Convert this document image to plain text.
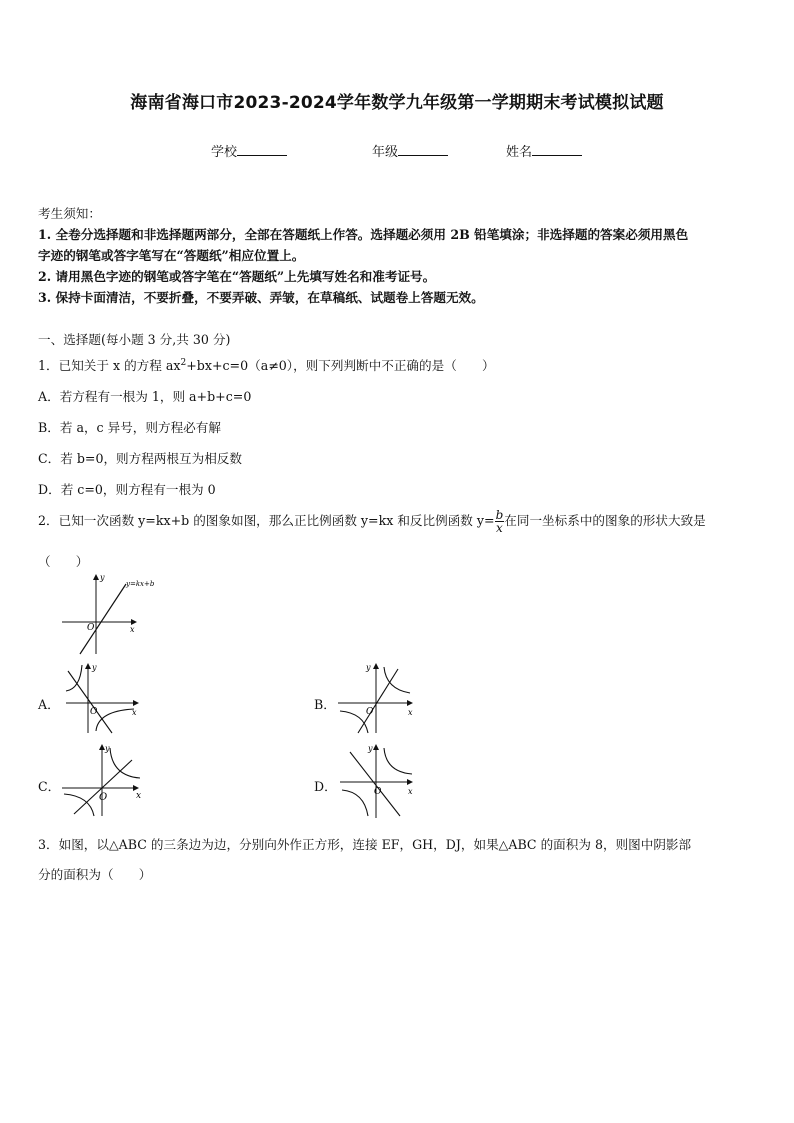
海南省海口市2023-2024学年数学九年级第一学期期末考试模拟试题
学校	年级	姓名
考生须知：
1. 全卷分选择题和非选择题两部分，全部在答题纸上作答。选择题必须用 2B 铅笔填涂；非选择题的答案必须用黑色
字迹的钢笔或答字笔写在“答题纸”相应位置上。
2. 请用黑色字迹的钢笔或答字笔在“答题纸”上先填写姓名和准考证号。
3. 保持卡面清洁，不要折叠，不要弄破、弄皱，在草稿纸、试题卷上答题无效。
一、选择题(每小题 3 分,共 30 分)
1．已知关于 x 的方程 $ax^2+bx+c=0(a\ne 0)$，则下列判断中不正确的是（　　）
A．若方程有一根为 1，则 a+b+c=0
B．若 a，c 异号，则方程必有解
C．若 b=0，则方程两根互为相反数
D．若 c=0，则方程有一根为 0
2．已知一次函数 y=kx+b 的图象如图，那么正比例函数 y=kx 和反比例函数 $y= \frac{b}{x}$ 在同一坐标系中的图象的形状大致是
（　　）
y=kx+b
y
x
O
A．
y
x
O	B．
y
x
O
C．
y
x
O
D．
y
x
O
3．如图，以△ABC 的三条边为边，分别向外作正方形，连接 EF，GH，DJ，如果△ABC 的面积为 8，则图中阴影部
分的面积为（　　）
